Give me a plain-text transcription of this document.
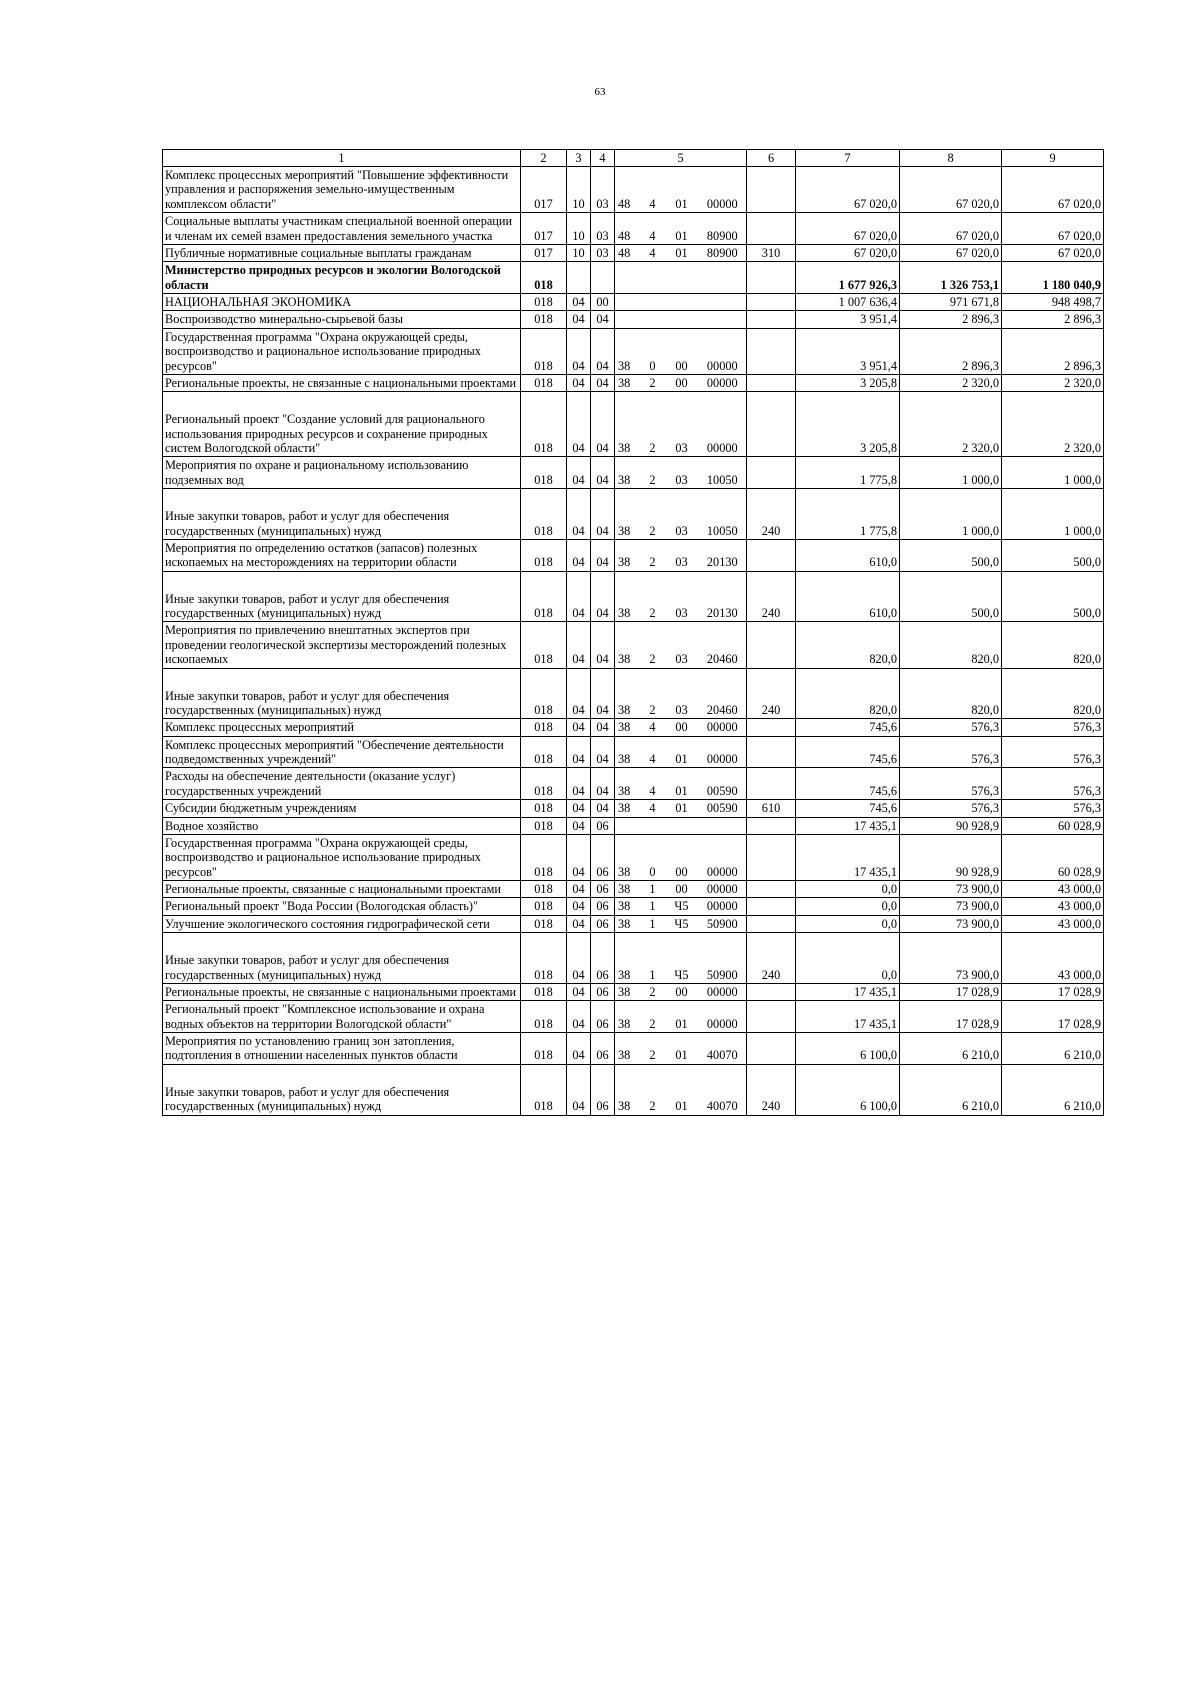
63
1	2	3	4	5				6	7	8	9
Комплекс процессных мероприятий "Повышение эффективности управления и распоряжения земельно-имущественным комплексом области"	017	10	03	48	4	01	00000		67 020,0	67 020,0	67 020,0
Социальные выплаты участникам специальной военной операции и членам их семей взамен предоставления земельного участка	017	10	03	48	4	01	80900		67 020,0	67 020,0	67 020,0
Публичные нормативные социальные выплаты гражданам	017	10	03	48	4	01	80900	310	67 020,0	67 020,0	67 020,0
Министерство природных ресурсов и экологии Вологодской области	018								1 677 926,3	1 326 753,1	1 180 040,9
НАЦИОНАЛЬНАЯ ЭКОНОМИКА	018	04	00						1 007 636,4	971 671,8	948 498,7
Воспроизводство минерально-сырьевой базы	018	04	04						3 951,4	2 896,3	2 896,3
Государственная программа "Охрана окружающей среды, воспроизводство и рациональное использование природных ресурсов"	018	04	04	38	0	00	00000		3 951,4	2 896,3	2 896,3
Региональные проекты, не связанные с национальными проектами	018	04	04	38	2	00	00000		3 205,8	2 320,0	2 320,0
Региональный проект "Создание условий для рационального использования природных ресурсов и сохранение природных систем Вологодской области"	018	04	04	38	2	03	00000		3 205,8	2 320,0	2 320,0
Мероприятия по охране и рациональному использованию подземных вод	018	04	04	38	2	03	10050		1 775,8	1 000,0	1 000,0
Иные закупки товаров, работ и услуг для обеспечения государственных (муниципальных) нужд	018	04	04	38	2	03	10050	240	1 775,8	1 000,0	1 000,0
Мероприятия по определению остатков (запасов) полезных ископаемых на месторождениях на территории области	018	04	04	38	2	03	20130		610,0	500,0	500,0
Иные закупки товаров, работ и услуг для обеспечения государственных (муниципальных) нужд	018	04	04	38	2	03	20130	240	610,0	500,0	500,0
Мероприятия по привлечению внештатных экспертов при проведении геологической экспертизы месторождений полезных ископаемых	018	04	04	38	2	03	20460		820,0	820,0	820,0
Иные закупки товаров, работ и услуг для обеспечения государственных (муниципальных) нужд	018	04	04	38	2	03	20460	240	820,0	820,0	820,0
Комплекс процессных мероприятий	018	04	04	38	4	00	00000		745,6	576,3	576,3
Комплекс процессных мероприятий "Обеспечение деятельности подведомственных учреждений"	018	04	04	38	4	01	00000		745,6	576,3	576,3
Расходы на обеспечение деятельности (оказание услуг) государственных учреждений	018	04	04	38	4	01	00590		745,6	576,3	576,3
Субсидии бюджетным учреждениям	018	04	04	38	4	01	00590	610	745,6	576,3	576,3
Водное хозяйство	018	04	06						17 435,1	90 928,9	60 028,9
Государственная программа "Охрана окружающей среды, воспроизводство и рациональное использование природных ресурсов"	018	04	06	38	0	00	00000		17 435,1	90 928,9	60 028,9
Региональные проекты, связанные с национальными проектами	018	04	06	38	1	00	00000		0,0	73 900,0	43 000,0
Региональный проект "Вода России (Вологодская область)"	018	04	06	38	1	Ч5	00000		0,0	73 900,0	43 000,0
Улучшение экологического состояния гидрографической сети	018	04	06	38	1	Ч5	50900		0,0	73 900,0	43 000,0
Иные закупки товаров, работ и услуг для обеспечения государственных (муниципальных) нужд	018	04	06	38	1	Ч5	50900	240	0,0	73 900,0	43 000,0
Региональные проекты, не связанные с национальными проектами	018	04	06	38	2	00	00000		17 435,1	17 028,9	17 028,9
Региональный проект "Комплексное использование и охрана водных объектов на территории Вологодской области"	018	04	06	38	2	01	00000		17 435,1	17 028,9	17 028,9
Мероприятия по установлению границ зон затопления, подтопления в отношении населенных пунктов области	018	04	06	38	2	01	40070		6 100,0	6 210,0	6 210,0
Иные закупки товаров, работ и услуг для обеспечения государственных (муниципальных) нужд	018	04	06	38	2	01	40070	240	6 100,0	6 210,0	6 210,0
